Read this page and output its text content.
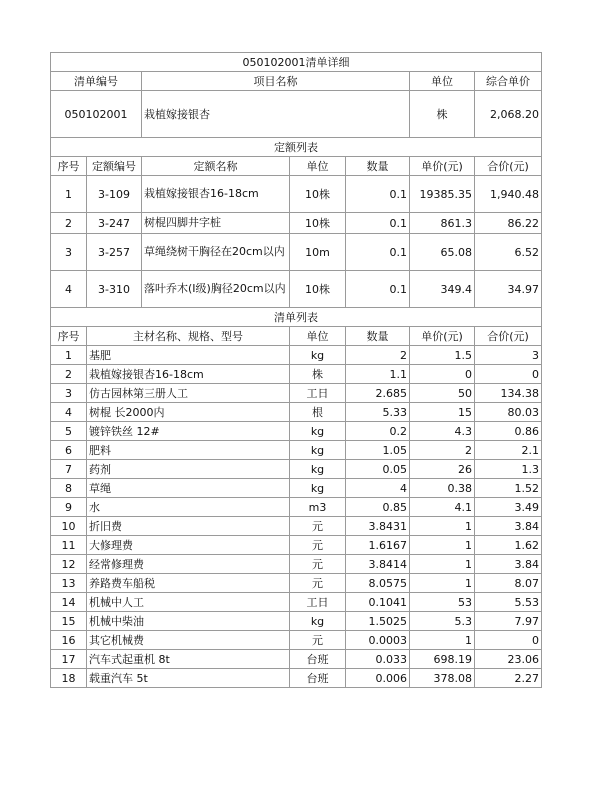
050102001清单详细						
清单编号		项目名称			单位	综合单价
050102001		栽植嫁接银杏			株	2,068.20
定额列表						
序号	定额编号	定额名称	单位	数量	单价(元)	合价(元)
1	3-109	栽植嫁接银杏16-18cm	10株	0.1	19385.35	1,940.48
2	3-247	树棍四脚井字桩	10株	0.1	861.3	86.22
3	3-257	草绳绕树干胸径在20cm以内	10m	0.1	65.08	6.52
4	3-310	落叶乔木(I级)胸径20cm以内	10株	0.1	349.4	34.97
清单列表						
序号	主材名称、规格、型号		单位	数量	单价(元)	合价(元)
1	基肥		kg	2	1.5	3
2	栽植嫁接银杏16-18cm		株	1.1	0	0
3	仿古园林第三册人工		工日	2.685	50	134.38
4	树棍 长2000内		根	5.33	15	80.03
5	镀锌铁丝 12#		kg	0.2	4.3	0.86
6	肥料		kg	1.05	2	2.1
7	药剂		kg	0.05	26	1.3
8	草绳		kg	4	0.38	1.52
9	水		m3	0.85	4.1	3.49
10	折旧费		元	3.8431	1	3.84
11	大修理费		元	1.6167	1	1.62
12	经常修理费		元	3.8414	1	3.84
13	养路费车船税		元	8.0575	1	8.07
14	机械中人工		工日	0.1041	53	5.53
15	机械中柴油		kg	1.5025	5.3	7.97
16	其它机械费		元	0.0003	1	0
17	汽车式起重机 8t		台班	0.033	698.19	23.06
18	载重汽车 5t		台班	0.006	378.08	2.27
